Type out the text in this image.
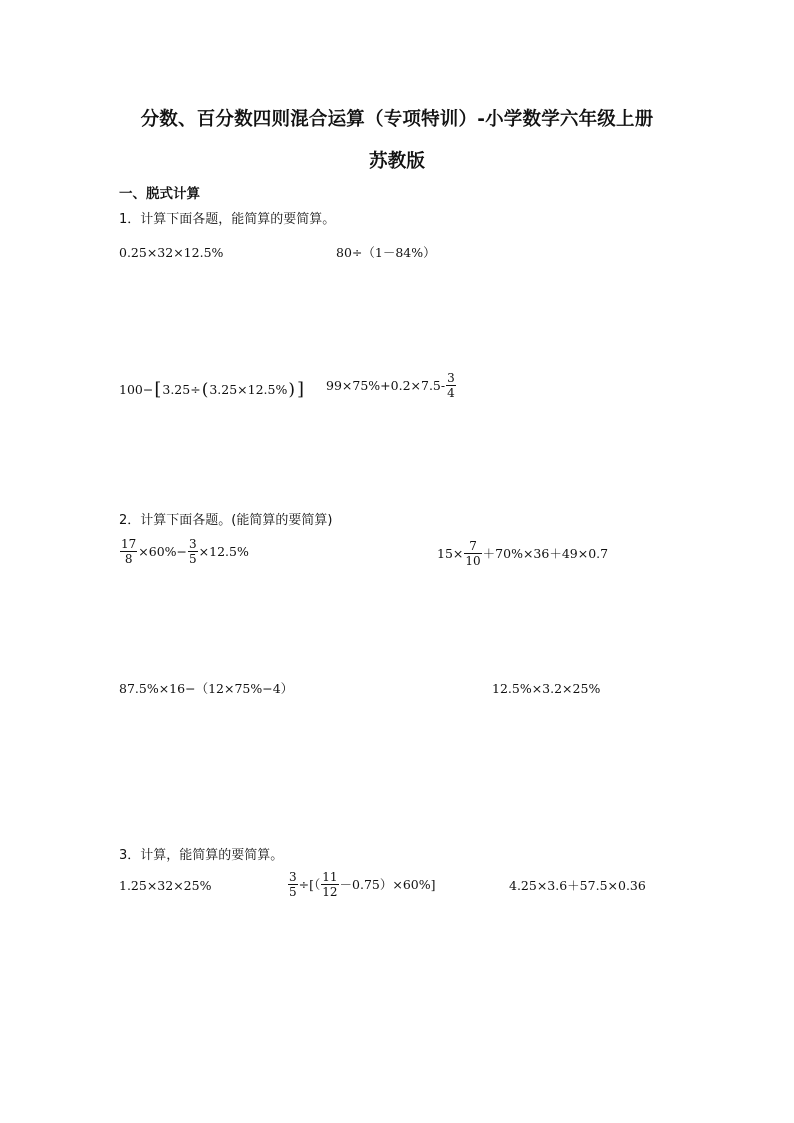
分数、百分数四则混合运算（专项特训）-小学数学六年级上册
苏教版
一、脱式计算
1．计算下面各题，能简算的要简算。
0.25×32×12.5%	80÷（1－84%）
100− [ 3.25÷ ( 3.25×12.5% ) ] $99\times 75\%+0.2\times 7.5- \frac{3}{4}$
2．计算下面各题。(能简算的要简算)
$\frac{17}{8} \times 60\%- \frac{3}{5} \times 12.5\%$	$15\times \frac{7}{10} +70\%\times 36+49\times 0.7$
87.5%×16−（12×75%−4）	12.5%×3.2×25%
3．计算，能简算的要简算。
1.25×32×25%	$\frac{3}{5}$ ÷[（ $\frac{11}{12} -0.75)\times 60\%$]	4.25×3.6＋57.5×0.36
